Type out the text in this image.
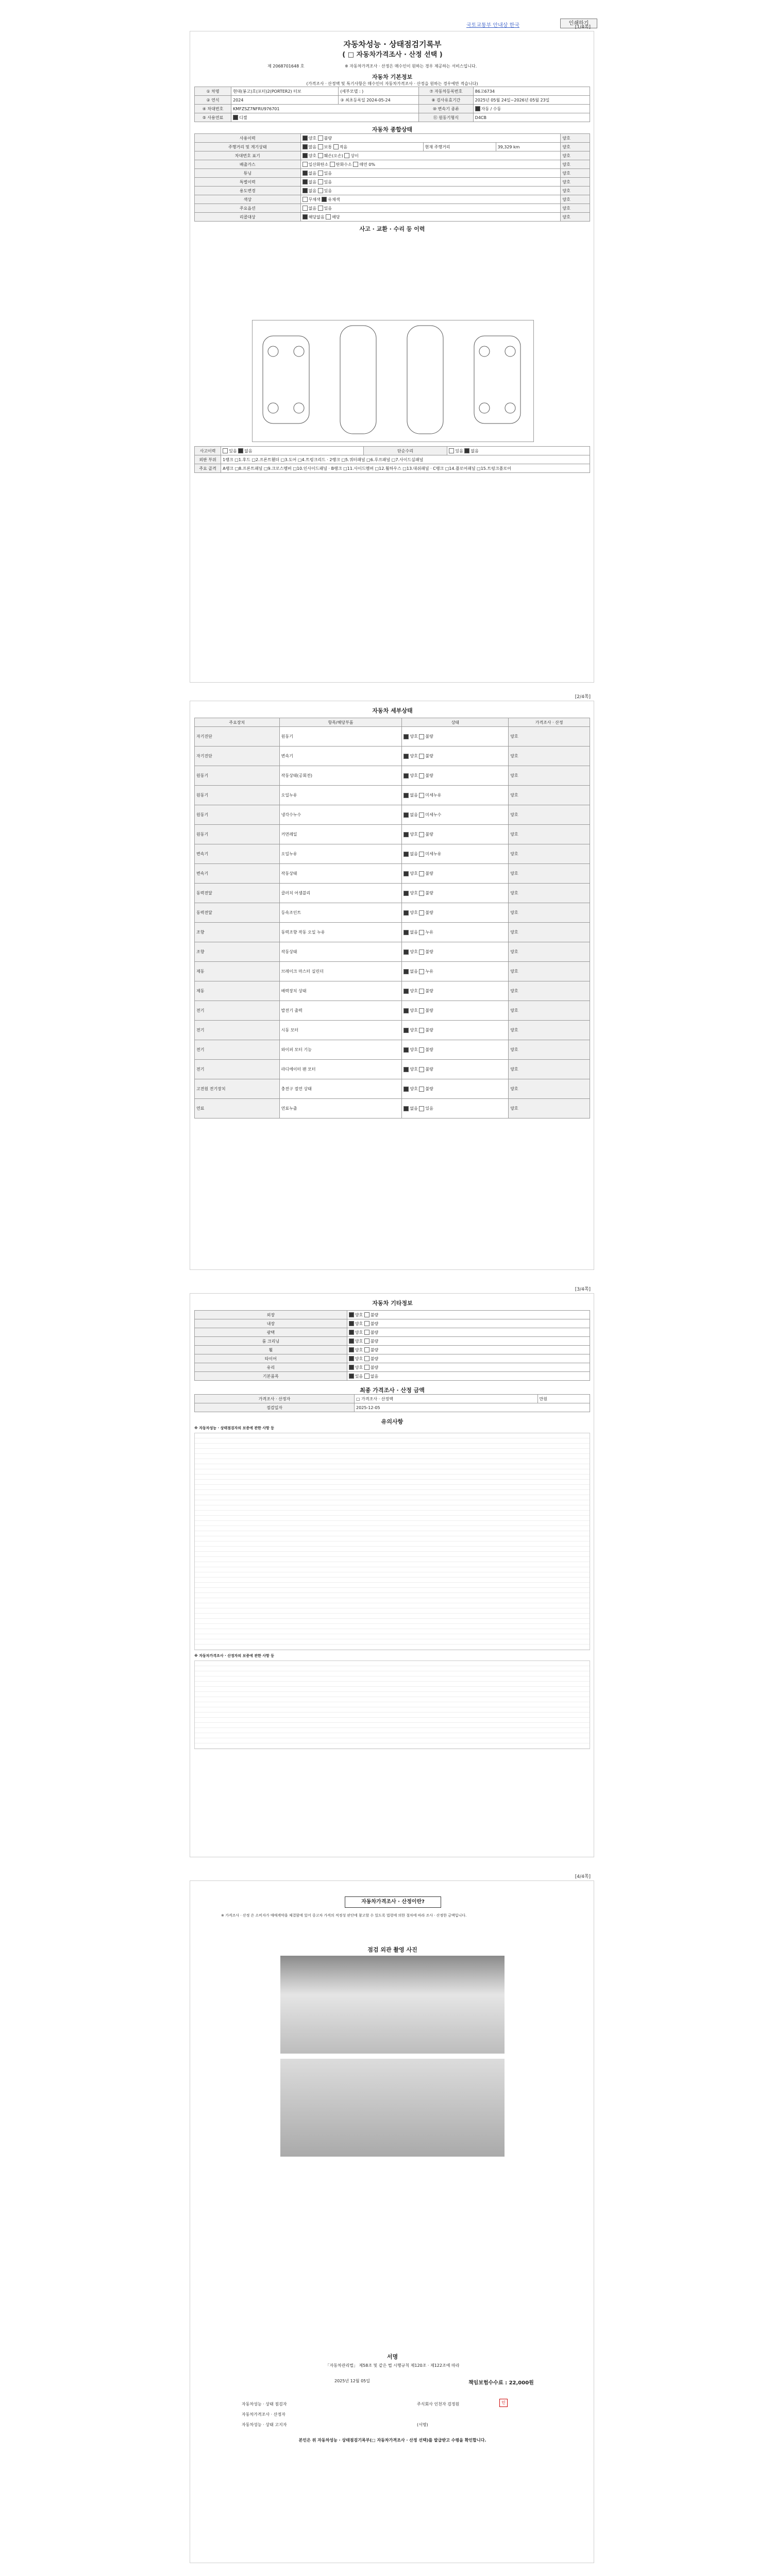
국토교통부 안내상 한국	인쇄하기
[1/4쪽]
자동차성능 · 상태점검기록부
( □ 자동차가격조사 · 산정 선택 )
제 2068701648 호	※ 자동차가격조사 · 산정은 매수인이 원하는 경우 제공하는 서비스입니다.
자동차 기본정보
(가격조사 · 산정액 및 특기사항은 매수인이 자동차가격조사 · 산정을 원하는 경우에만 적습니다)
① 차명	현대(봉고)호(포터)2(PORTER2) 터보	(세부모델 : )	⑦ 자동차등록번호	86고6734
② 연식	2024	③ 최초등록일 2024-05-24	⑧ 검사유효기간	2025년 05월 24일~2026년 05월 23일
④ 차대번호	KMFZSZ7NFRU976701		⑩ 변속기 종류	자동 / 수동
⑤ 사용연료	디젤		⑪ 원동기형식	D4CB
자동차 종합상태
사용이력	양호 불량			양호
주행거리 및 계기상태	많음 보통 적음	현재 주행거리	39,329 km	양호
차대번호 표기	양호 훼손(오손) 상이			양호
배출가스	일산화탄소 탄화수소 매연 0%			양호
튜닝	없음 있음			양호
특별이력	없음 있음			양호
용도변경	없음 있음			양호
색상	무채색 유채색			양호
주요옵션	없음 있음			양호
리콜대상	해당없음 해당			양호
사고 · 교환 · 수리 등 이력
사고이력	있음 없음	단순수리	있음 없음
외판 부위	1랭크 □1.후드 □2.프론트휀더 □3.도어 □4.트렁크리드 · 2랭크 □5.쿼터패널 □6.루프패널 □7.사이드실패널		
주요 골격	A랭크 □8.프론트패널 □9.크로스멤버 □10.인사이드패널 · B랭크 □11.사이드멤버 □12.휠하우스 □13.대쉬패널 · C랭크 □14.플로어패널 □15.트렁크플로어		
[2/4쪽]
자동차 세부상태
주요장치	항목/해당부품	상태	가격조사 · 산정
자기진단	원동기	양호 불량	양호
자기진단	변속기	양호 불량	양호
원동기	작동상태(공회전)	양호 불량	양호
원동기	오일누유	없음 미세누유	양호
원동기	냉각수누수	없음 미세누수	양호
원동기	커먼레일	양호 불량	양호
변속기	오일누유	없음 미세누유	양호
변속기	작동상태	양호 불량	양호
동력전달	클러치 어셈블리	양호 불량	양호
동력전달	등속조인트	양호 불량	양호
조향	동력조향 작동 오일 누유	없음 누유	양호
조향	작동상태	양호 불량	양호
제동	브레이크 마스터 실린더	없음 누유	양호
제동	배력장치 상태	양호 불량	양호
전기	발전기 출력	양호 불량	양호
전기	시동 모터	양호 불량	양호
전기	와이퍼 모터 기능	양호 불량	양호
전기	라디에이터 팬 모터	양호 불량	양호
고전원 전기장치	충전구 절연 상태	양호 불량	양호
연료	연료누출	없음 있음	양호
[3/4쪽]
자동차 기타정보
외장	양호 불량
내장	양호 불량
광택	양호 불량
룸 크리닝	양호 불량
휠	양호 불량
타이어	양호 불량
유리	양호 불량
기본품목	있음 없음
최종 가격조사 · 산정 금액
가격조사 · 산정자	▢ 가격조사 · 산정액	만원
점검일자	2025-12-05	
유의사항
※ 자동차성능 · 상태점검자의 보증에 관한 사항 등
※ 자동차가격조사 · 산정자의 보증에 관한 사항 등
[4/4쪽]
자동차가격조사 · 산정이란?
※ 가격조사 · 산정 은 소비자가 매매계약을 체결함에 있어 중고차 가격의 적정성 판단에 참고할 수 있도록 법령에 의한 절차에 따라 조사 · 산정한 금액입니다.
점검 외관 촬영 사진
서명
「자동차관리법」 제58조 및 같은 법 시행규칙 제120조 · 제122조에 따라
2025년 12월 05일	책임보험수수료 : 22,000원
자동차성능 · 상태 점검자
자동차가격조사 · 산정자
자동차성능 · 상태 고지자
주식회사 인천자 검정원
(서명)
인
본인은 위 자동차성능 · 상태점검기록부(□ 자동차가격조사 · 산정 선택)를 발급받고 수령을 확인합니다.
